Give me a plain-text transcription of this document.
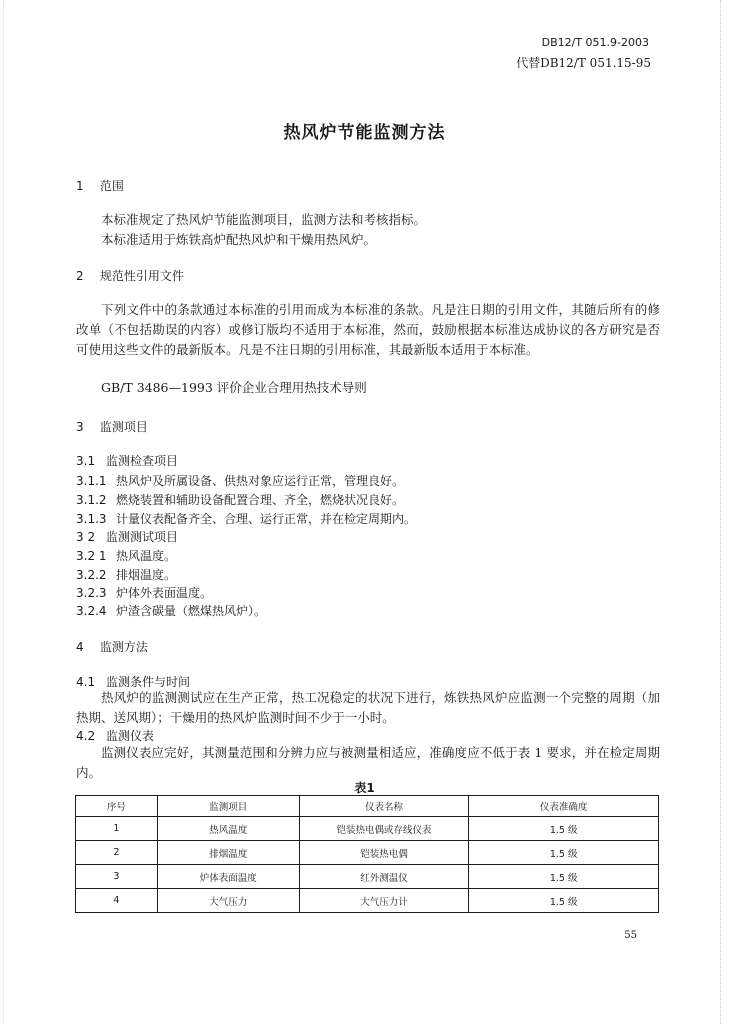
DB12/T 051.9-2003
代替DB12/T 051.15-95
热风炉节能监测方法
1 范围
本标准规定了热风炉节能监测项目，监测方法和考核指标。
本标准适用于炼铁高炉配热风炉和干燥用热风炉。
2 规范性引用文件
下列文件中的条款通过本标准的引用而成为本标准的条款。凡是注日期的引用文件，其随后所有的修改单（不包括勘误的内容）或修订版均不适用于本标准，然而，鼓励根据本标准达成协议的各方研究是否可使用这些文件的最新版本。凡是不注日期的引用标准，其最新版本适用于本标准。
GB/T 3486—1993 评价企业合理用热技术导则
3 监测项目
3.1 监测检查项目
3.1.1 热风炉及所属设备、供热对象应运行正常，管理良好。
3.1.2 燃烧装置和辅助设备配置合理、齐全，燃烧状况良好。
3.1.3 计量仪表配备齐全、合理、运行正常，并在检定周期内。
3 2 监测测试项目
3.2 1 热风温度。
3.2.2 排烟温度。
3.2.3 炉体外表面温度。
3.2.4 炉渣含碳量（燃煤热风炉）。
4 监测方法
4.1 监测条件与时间
热风炉的监测测试应在生产正常，热工况稳定的状况下进行，炼铁热风炉应监测一个完整的周期（加热期、送风期）；干燥用的热风炉监测时间不少于一小时。
4.2 监测仪表
监测仪表应完好，其测量范围和分辨力应与被测量相适应，准确度应不低于表 1 要求，并在检定周期内。
表1
序号	监测项目	仪表名称	仪表准确度
1	热风温度	铠装热电偶或存线仪表	1.5 级
2	排烟温度	铠装热电偶	1.5 级
3	炉体表面温度	红外测温仪	1.5 级
4	大气压力	大气压力计	1.5 级
55
